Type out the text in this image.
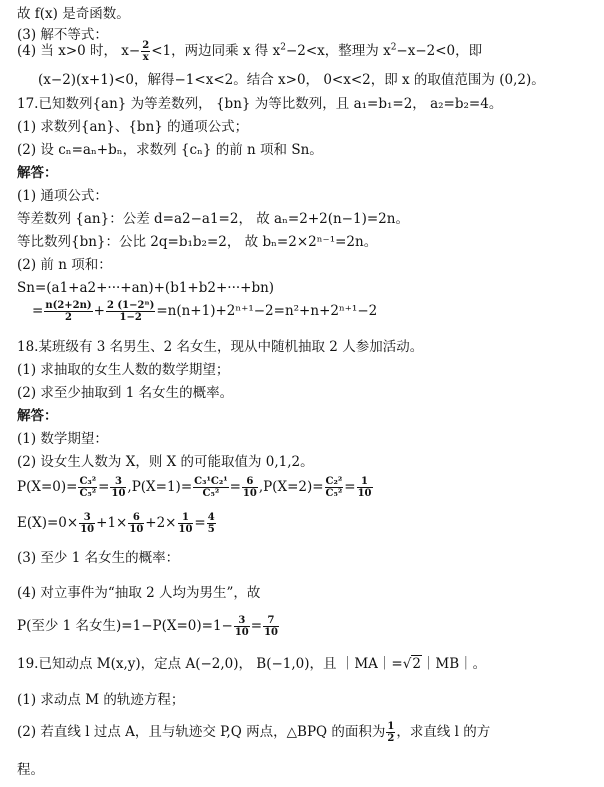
故 f(x) 是奇函数。
(3) 解不等式：
(4) 当 x>0 时， $x- \frac{2}{x} <1$，两边同乘 x 得 $x^2-2<x$，整理为 $x^2-x-2<0$，即
(x−2)(x+1)<0，解得−1<x<2。结合 x>0， 0<x<2，即 x 的取值范围为 (0,2)。
17.已知数列{an} 为等差数列， {bn} 为等比数列，且 a₁=b₁=2， a₂=b₂=4。
(1) 求数列{an}、{bn} 的通项公式；
(2) 设 cₙ=aₙ+bₙ，求数列 {cₙ} 的前 n 项和 Sn。
解答：
(1) 通项公式：
等差数列 {an}：公差 d=a2−a1=2， 故 aₙ=2+2(n−1)=2n。
等比数列{bn}：公比 2q=b₁b₂=2， 故 bₙ=2×2ⁿ⁻¹=2n。
(2) 前 n 项和：
Sn=(a1+a2+···+an)+(b1+b2+···+bn)
= $\frac{n(2+2n)}{2} + \frac{\text{2 (1−2ⁿ)}}{1-2} =n(n+1)+2^{n+1}-2=n^2+n+2^{n+1}-2$
18.某班级有 3 名男生、2 名女生，现从中随机抽取 2 人参加活动。
(1) 求抽取的女生人数的数学期望；
(2) 求至少抽取到 1 名女生的概率。
解答：
(1) 数学期望：
(2) 设女生人数为 X，则 X 的可能取值为 0,1,2。
$P(X=0)= \frac{\text{C₃²}}{\text{C₅²}} = \frac{3}{10} ,P(X=1)= \frac{\text{C₃¹C₂¹}}{\text{C₅²}} = \frac{6}{10} ,P(X=2)= \frac{\text{C₂²}}{\text{C₅²}} = \frac{1}{10}$
$E(X)=0\times \frac{3}{10} +1\times \frac{6}{10} +2\times \frac{1}{10} = \frac{4}{5}$
(3) 至少 1 名女生的概率：
(4) 对立事件为“抽取 2 人均为男生”，故
P(至少 1 名女生)$=1-P(X=0)=1- \frac{3}{10} = \frac{7}{10}$
19.已知动点 M(x,y)，定点 A(−2,0)， B(−1,0)，且 ｜MA｜=√2｜MB｜。
(1) 求动点 M 的轨迹方程；
(2) 若直线 l 过点 A，且与轨迹交 P,Q 两点，△BPQ 的面积为 $\frac{1}{2}$ ，求直线 l 的方
程。
